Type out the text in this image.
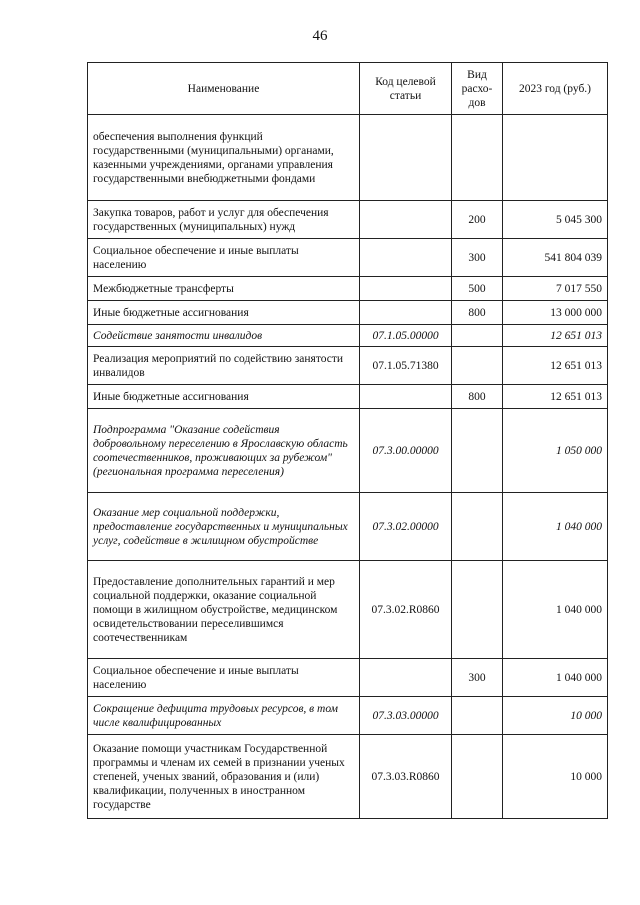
46
Наименование	Код целевой статьи	Вид расхо-дов	2023 год (руб.)
обеспечения выполнения функций государственными (муниципальными) органами, казенными учреждениями, органами управления государственными внебюджетными фондами			
Закупка товаров, работ и услуг для обеспечения государственных (муниципальных) нужд		200	5 045 300
Социальное обеспечение и иные выплаты населению		300	541 804 039
Межбюджетные трансферты		500	7 017 550
Иные бюджетные ассигнования		800	13 000 000
Содействие занятости инвалидов	07.1.05.00000		12 651 013
Реализация мероприятий по содействию занятости инвалидов	07.1.05.71380		12 651 013
Иные бюджетные ассигнования		800	12 651 013
Подпрограмма "Оказание содействия добровольному переселению в Ярославскую область соотечественников, проживающих за рубежом" (региональная программа переселения)	07.3.00.00000		1 050 000
Оказание мер социальной поддержки, предоставление государственных и муниципальных услуг, содействие в жилищном обустройстве	07.3.02.00000		1 040 000
Предоставление дополнительных гарантий и мер социальной поддержки, оказание социальной помощи в жилищном обустройстве, медицинском освидетельствовании переселившимся соотечественникам	07.3.02.R0860		1 040 000
Социальное обеспечение и иные выплаты населению		300	1 040 000
Сокращение дефицита трудовых ресурсов, в том числе квалифицированных	07.3.03.00000		10 000
Оказание помощи участникам Государственной программы и членам их семей в признании ученых степеней, ученых званий, образования и (или) квалификации, полученных в иностранном государстве	07.3.03.R0860		10 000
